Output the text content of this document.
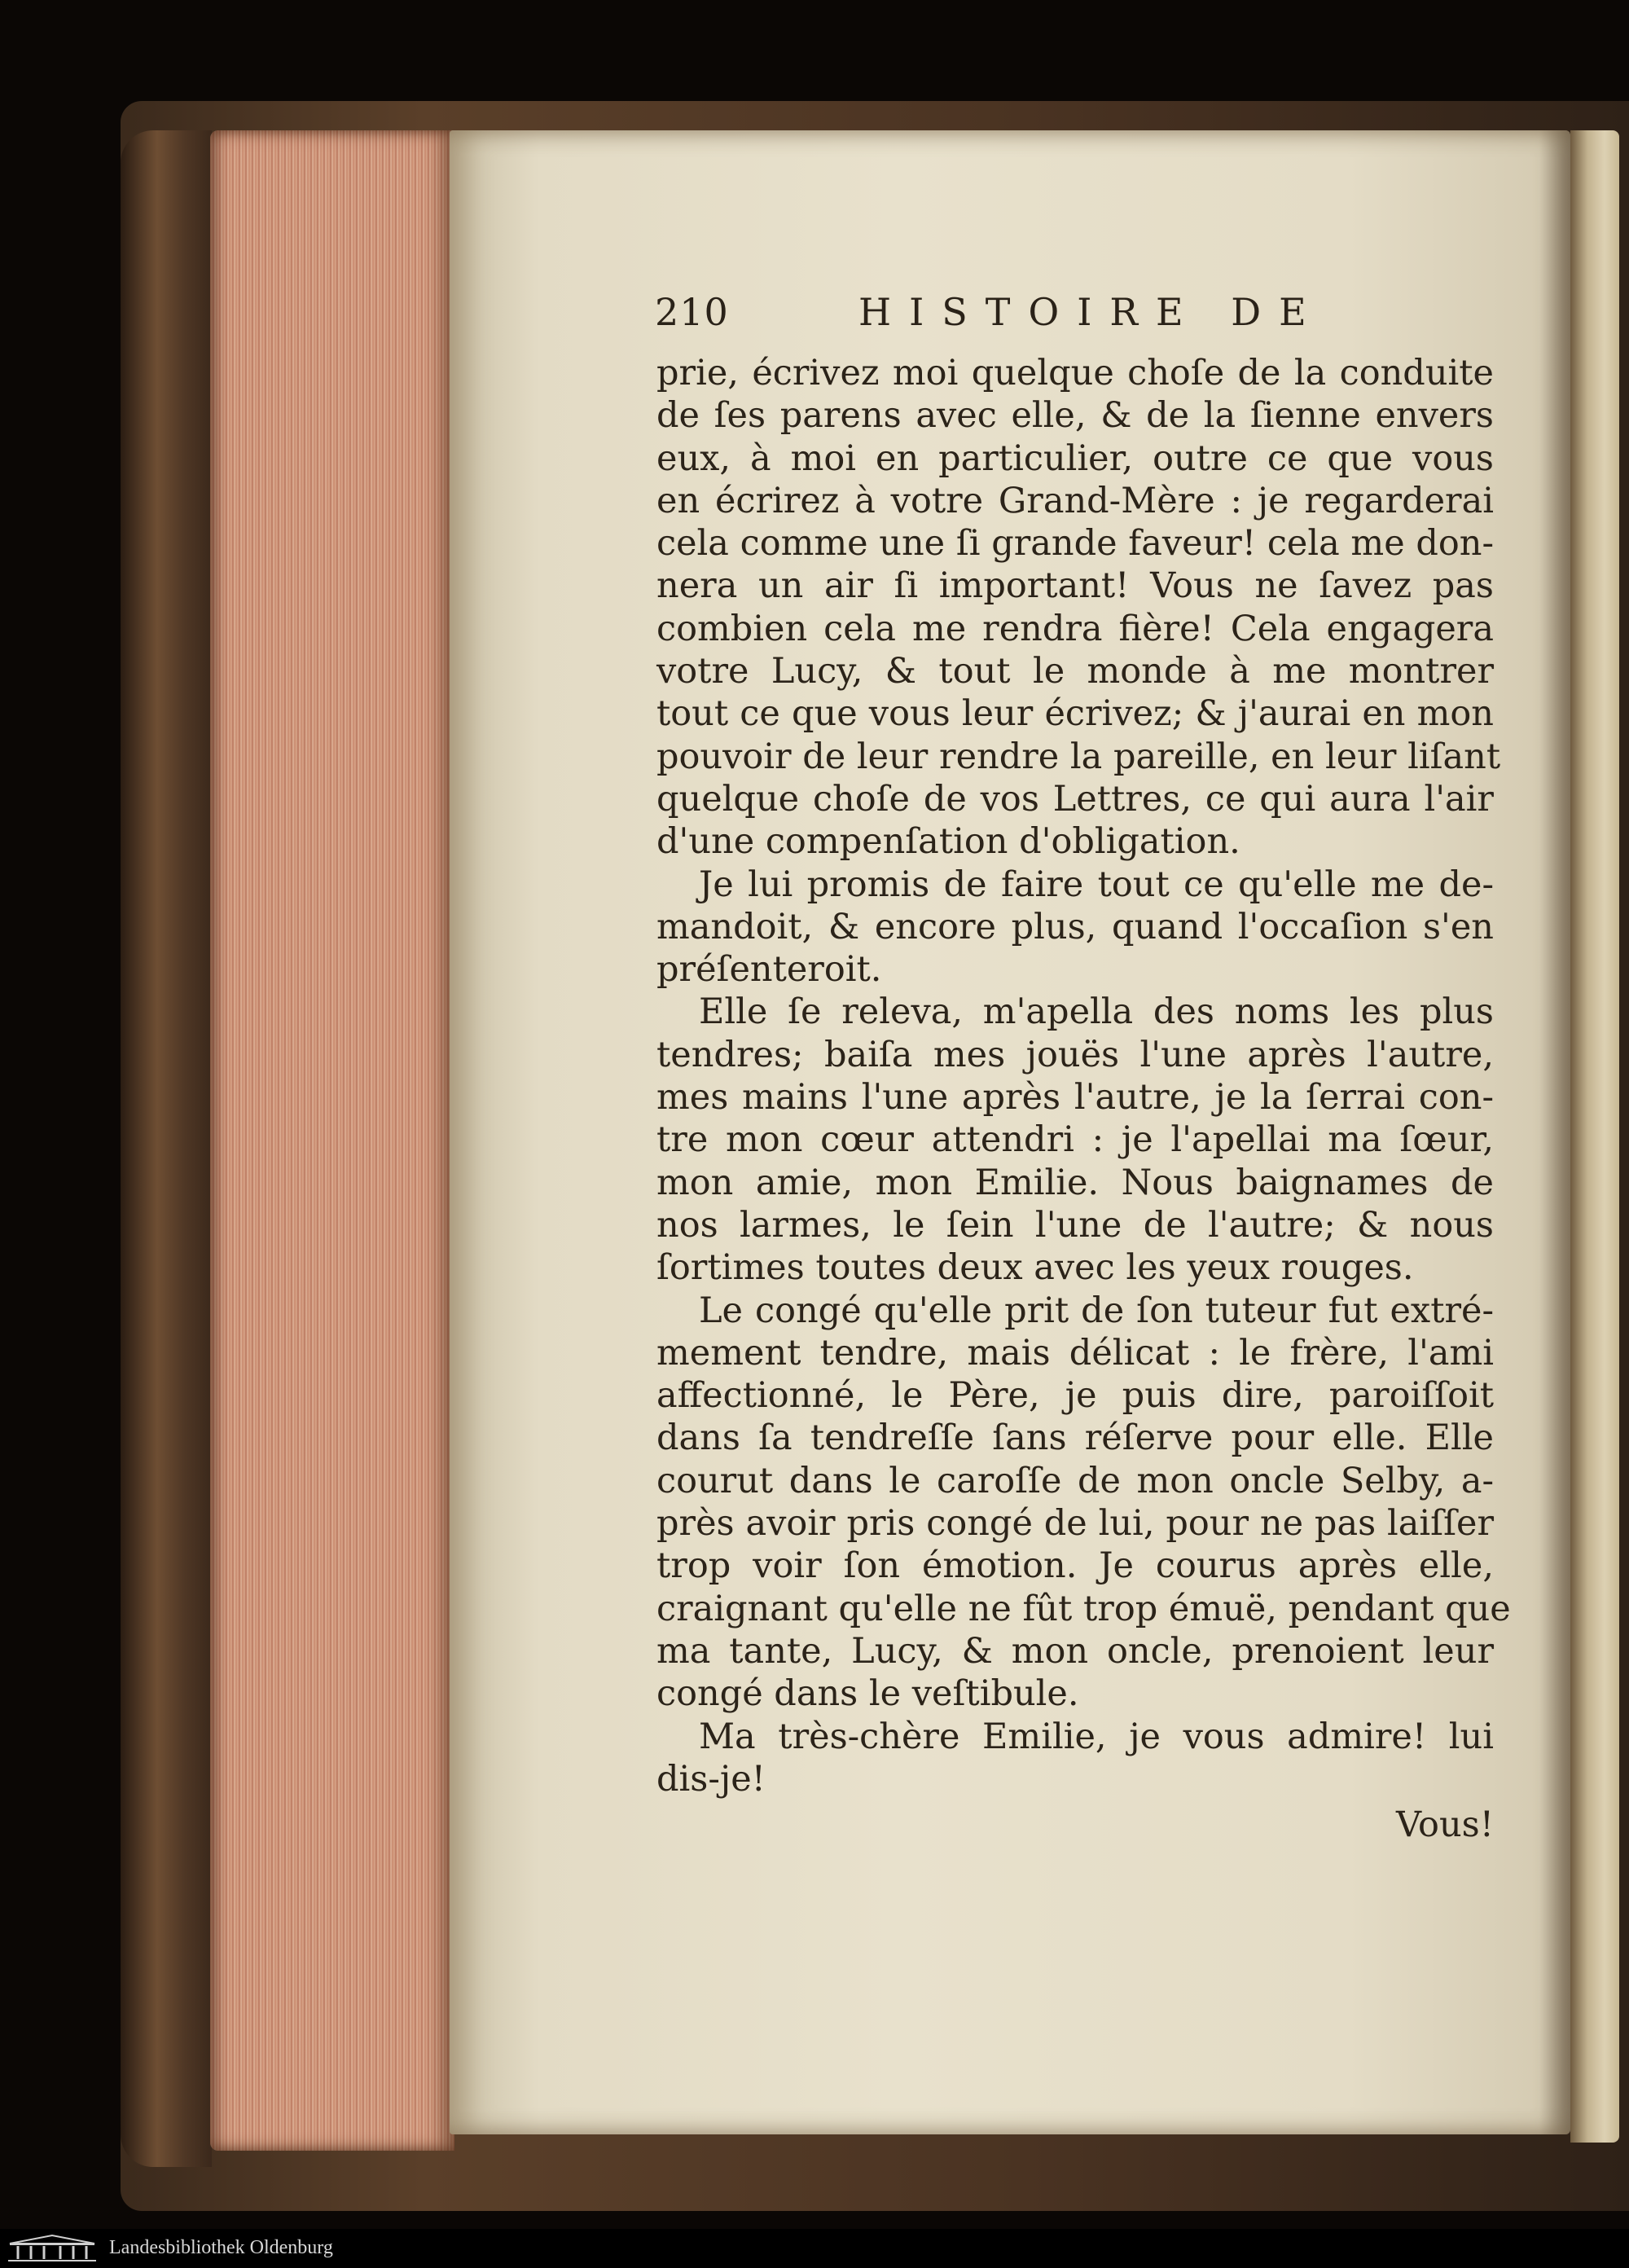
210	HISTOIRE DE
prie, écrivez moi quelque choſe de la conduite
de ſes parens avec elle, & de la ſienne envers
eux, à moi en particulier, outre ce que vous
en écrirez à votre Grand-Mère : je regarderai
cela comme une ſi grande faveur! cela me don-
nera un air ſi important! Vous ne ſavez pas
combien cela me rendra fière! Cela engagera
votre Lucy, & tout le monde à me montrer
tout ce que vous leur écrivez; & j'aurai en mon
pouvoir de leur rendre la pareille, en leur liſant
quelque choſe de vos Lettres, ce qui aura l'air
d'une compenſation d'obligation.
Je lui promis de faire tout ce qu'elle me de-
mandoit, & encore plus, quand l'occaſion s'en
préſenteroit.
Elle ſe releva, m'apella des noms les plus
tendres; baiſa mes jouës l'une après l'autre,
mes mains l'une après l'autre, je la ſerrai con-
tre mon cœur attendri : je l'apellai ma ſœur,
mon amie, mon Emilie. Nous baignames de
nos larmes, le ſein l'une de l'autre; & nous
ſortimes toutes deux avec les yeux rouges.
Le congé qu'elle prit de ſon tuteur fut extré-
mement tendre, mais délicat : le frère, l'ami
affectionné, le Père, je puis dire, paroiſſoit
dans ſa tendreſſe ſans réſerve pour elle. Elle
courut dans le caroſſe de mon oncle Selby, a-
près avoir pris congé de lui, pour ne pas laiſſer
trop voir ſon émotion. Je courus après elle,
craignant qu'elle ne fût trop émuë, pendant que
ma tante, Lucy, & mon oncle, prenoient leur
congé dans le veſtibule.
Ma très-chère Emilie, je vous admire! lui
dis-je!
Vous!
Landesbibliothek Oldenburg
